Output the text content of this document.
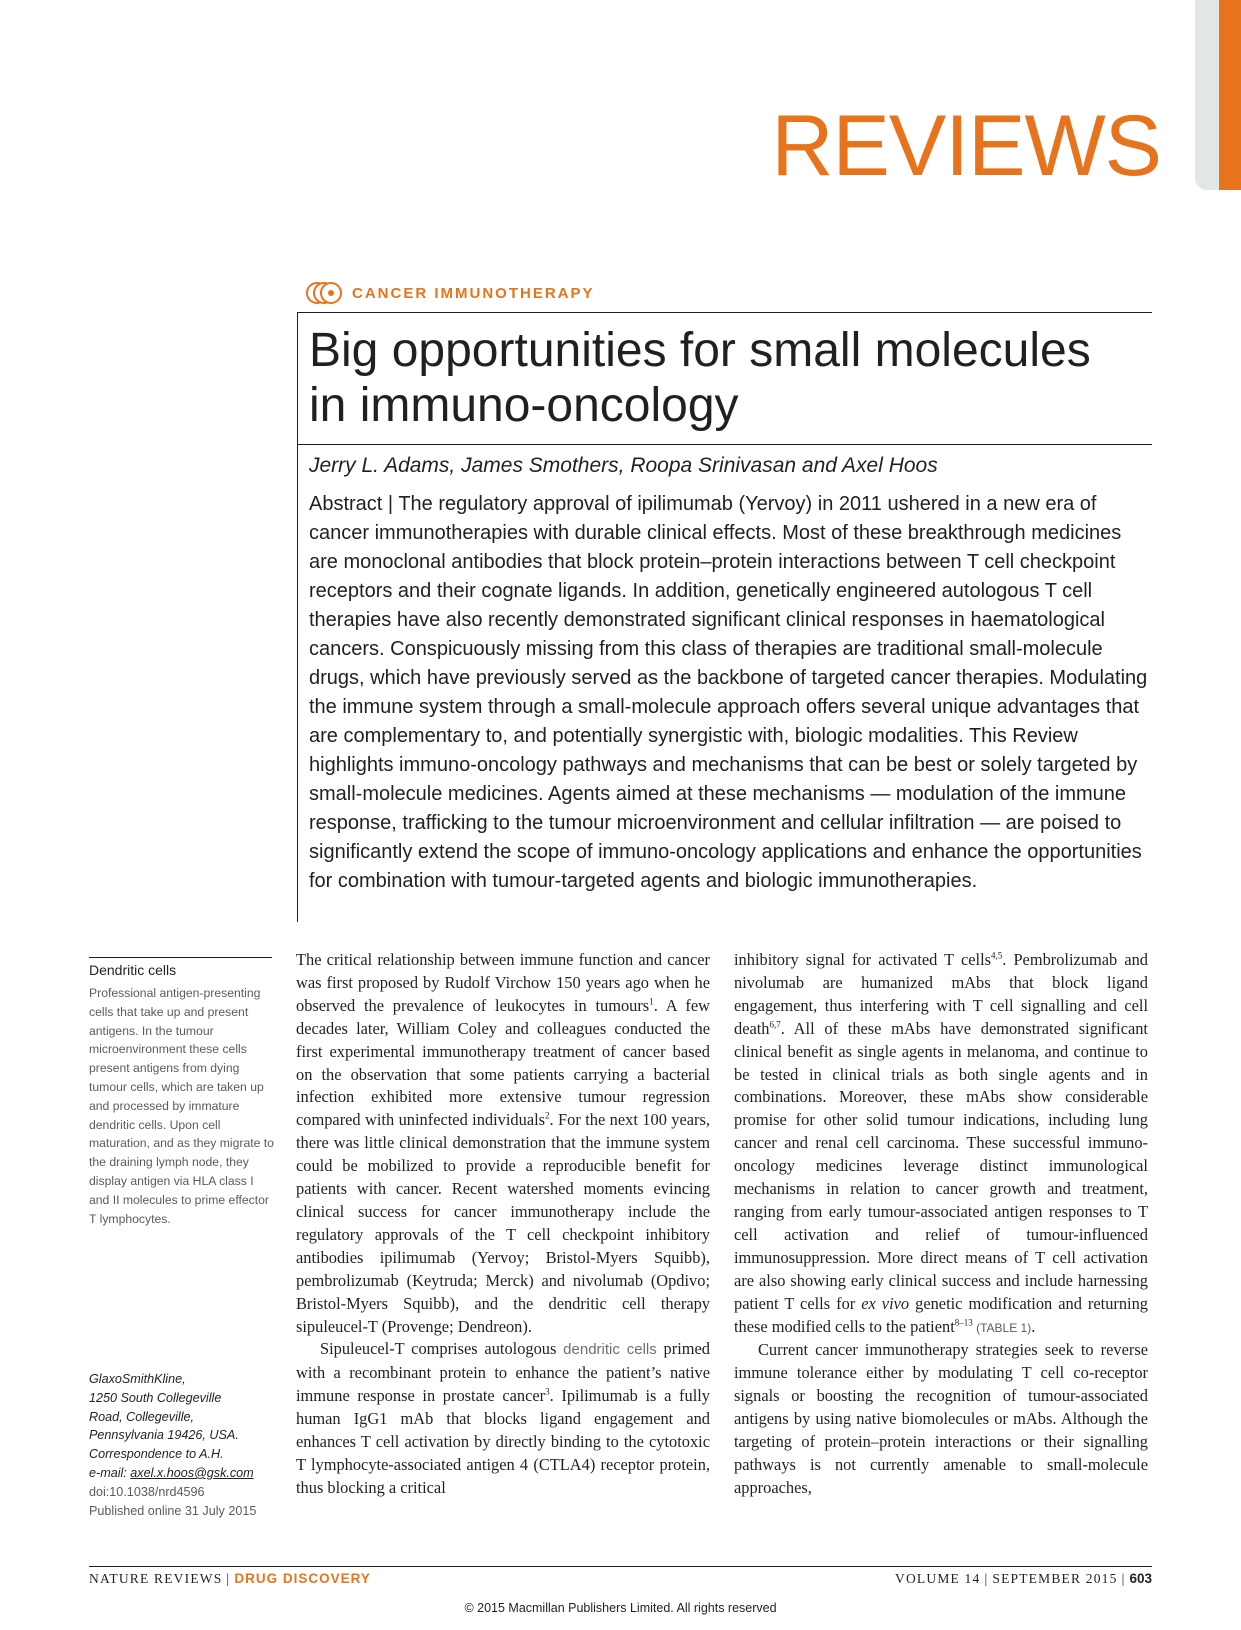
REVIEWS
CANCER IMMUNOTHERAPY
Big opportunities for small molecules
in immuno-oncology
Jerry L. Adams, James Smothers, Roopa Srinivasan and Axel Hoos

Abstract | The regulatory approval of ipilimumab (Yervoy) in 2011 ushered in a new era of cancer immunotherapies with durable clinical effects. Most of these breakthrough medicines are monoclonal antibodies that block protein–protein interactions between T cell checkpoint receptors and their cognate ligands. In addition, genetically engineered autologous T cell therapies have also recently demonstrated significant clinical responses in haematological cancers. Conspicuously missing from this class of therapies are traditional small-molecule drugs, which have previously served as the backbone of targeted cancer therapies. Modulating the immune system through a small-molecule approach offers several unique advantages that are complementary to, and potentially synergistic with, biologic modalities. This Review highlights immuno-oncology pathways and mechanisms that can be best or solely targeted by small-molecule medicines. Agents aimed at these mechanisms — modulation of the immune response, trafficking to the tumour microenvironment and cellular infiltration — are poised to significantly extend the scope of immuno-oncology applications and enhance the opportunities for combination with tumour-targeted agents and biologic immunotherapies.

Dendritic cells

Professional antigen-presenting cells that take up and present antigens. In the tumour microenvironment these cells present antigens from dying tumour cells, which are taken up and processed by immature dendritic cells. Upon cell maturation, and as they migrate to the draining lymph node, they display antigen via HLA class I and II molecules to prime effector T lymphocytes.

GlaxoSmithKline,
1250 South Collegeville
Road, Collegeville,
Pennsylvania 19426, USA.
Correspondence to A.H.
e-mail: axel.x.hoos@gsk.com
doi:10.1038/nrd4596
Published online 31 July 2015

The critical relationship between immune function and cancer was first proposed by Rudolf Virchow 150 years ago when he observed the prevalence of leukocytes in tumours$^1$. A few decades later, William Coley and colleagues conducted the first experimental immunotherapy treatment of cancer based on the observation that some patients carrying a bacterial infection exhibited more extensive tumour regression compared with uninfected individuals$^2$. For the next 100 years, there was little clinical demonstration that the immune system could be mobilized to provide a reproducible benefit for patients with cancer. Recent watershed moments evincing clinical success for cancer immunotherapy include the regulatory approvals of the T cell checkpoint inhibitory antibodies ipilimumab (Yervoy; Bristol-Myers Squibb), pembrolizumab (Keytruda; Merck) and nivolumab (Opdivo; Bristol-Myers Squibb), and the dendritic cell therapy sipuleucel-T (Provenge; Dendreon).

Sipuleucel-T comprises autologous dendritic cells primed with a recombinant protein to enhance the patient’s native immune response in prostate cancer$^3$. Ipilimumab is a fully human IgG1 mAb that blocks ligand engagement and enhances T cell activation by directly binding to the cytotoxic T lymphocyte-associated antigen 4 (CTLA4) receptor protein, thus blocking a critical

inhibitory signal for activated T cells$^{4,5}$. Pembrolizumab and nivolumab are humanized mAbs that block ligand engagement, thus interfering with T cell signalling and cell death$^{6,7}$. All of these mAbs have demonstrated significant clinical benefit as single agents in melanoma, and continue to be tested in clinical trials as both single agents and in combinations. Moreover, these mAbs show considerable promise for other solid tumour indications, including lung cancer and renal cell carcinoma. These successful immuno-oncology medicines leverage distinct immunological mechanisms in relation to cancer growth and treatment, ranging from early tumour-associated antigen responses to T cell activation and relief of tumour-influenced immunosuppression. More direct means of T cell activation are also showing early clinical success and include harnessing patient T cells for ex vivo genetic modification and returning these modified cells to the patient$^{8-13}$ (TABLE 1).

Current cancer immunotherapy strategies seek to reverse immune tolerance either by modulating T cell co-receptor signals or boosting the recognition of tumour-associated antigens by using native biomolecules or mAbs. Although the targeting of protein–protein interactions or their signalling pathways is not currently amenable to small-molecule approaches,

NATURE REVIEWS | DRUG DISCOVERY	VOLUME 14 | SEPTEMBER 2015 | 603
© 2015 Macmillan Publishers Limited. All rights reserved
